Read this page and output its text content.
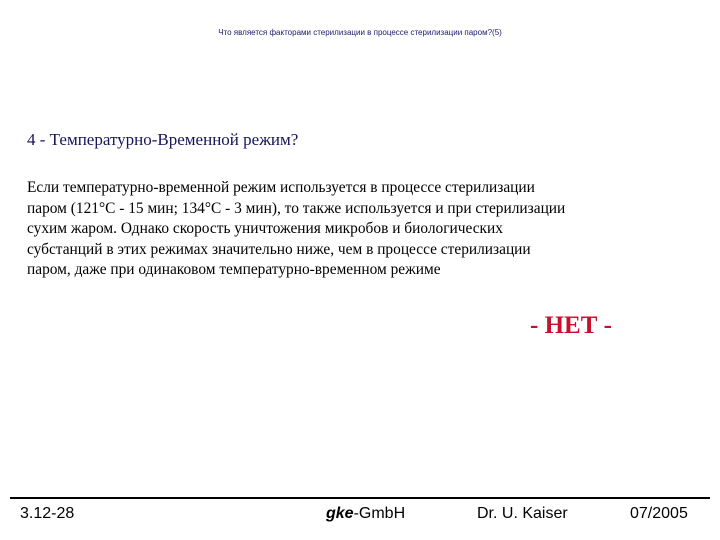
Что является факторами стерилизации в процессе стерилизации паром?(5)
4 - Температурно-Временной режим?
Если температурно-временной режим используется в процессе стерилизации
паром (121°C - 15 мин; 134°C - 3 мин), то также используется и при стерилизации
сухим жаром. Однако скорость уничтожения микробов и биологических
субстанций в этих режимах значительно ниже, чем в процессе стерилизации
паром, даже при одинаковом температурно-временном режиме
- НЕТ -
3.12-28	gke-GmbH	Dr. U. Kaiser	07/2005
